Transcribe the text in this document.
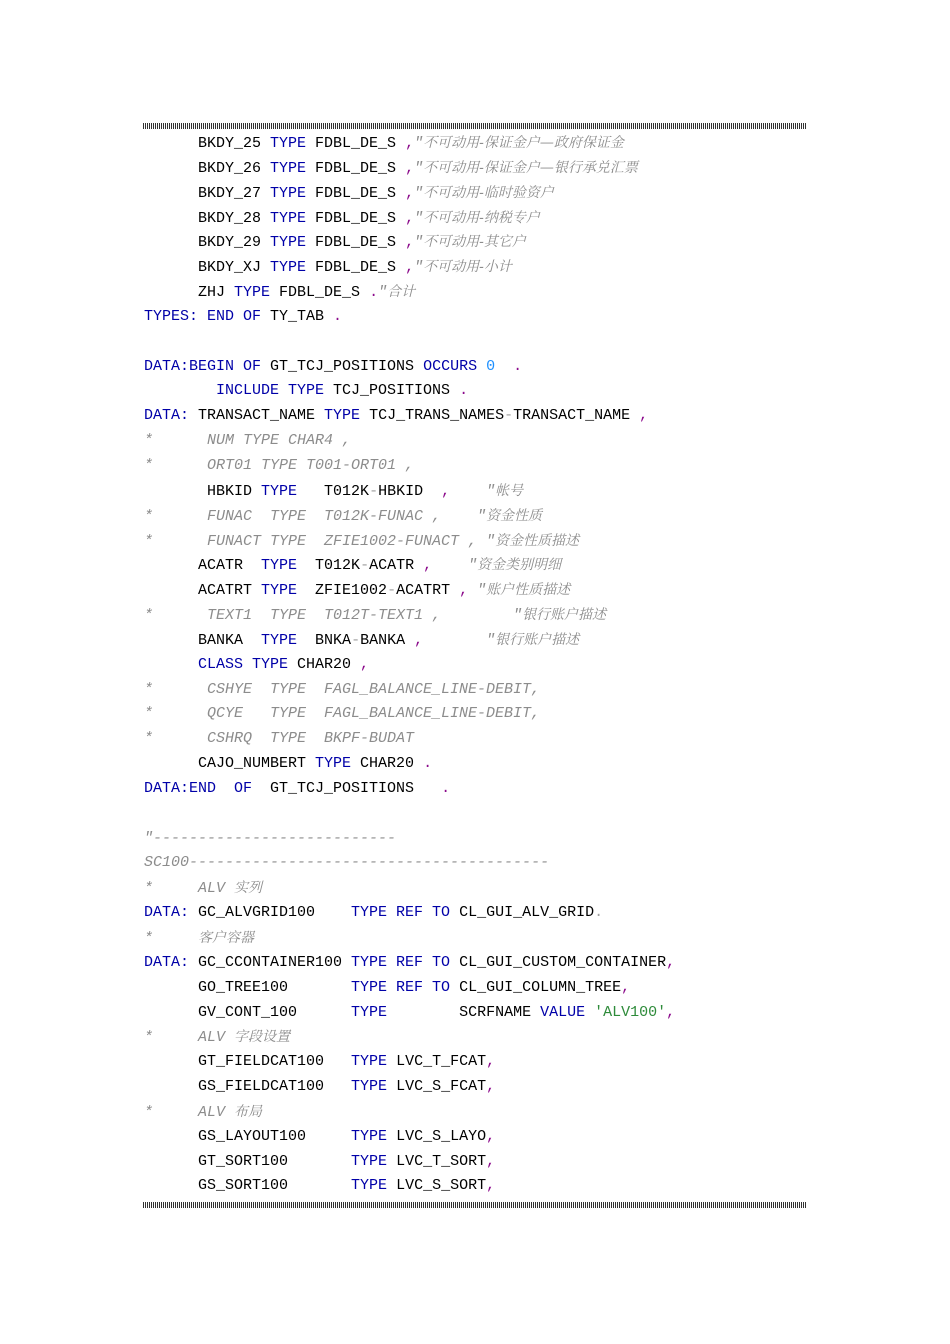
BKDY_25 TYPE FDBL_DE_S ,"不可动用-保证金户—政府保证金
BKDY_26 TYPE FDBL_DE_S ,"不可动用-保证金户—银行承兑汇票
BKDY_27 TYPE FDBL_DE_S ,"不可动用-临时验资户
BKDY_28 TYPE FDBL_DE_S ,"不可动用-纳税专户
BKDY_29 TYPE FDBL_DE_S ,"不可动用-其它户
BKDY_XJ TYPE FDBL_DE_S ,"不可动用-小计
ZHJ TYPE FDBL_DE_S ."合计
TYPES: END OF TY_TAB .
DATA:BEGIN OF GT_TCJ_POSITIONS OCCURS 0 .
INCLUDE TYPE TCJ_POSITIONS .
DATA: TRANSACT_NAME TYPE TCJ_TRANS_NAMES-TRANSACT_NAME ,
*      NUM TYPE CHAR4 ,
*      ORT01 TYPE T001-ORT01 ,
HBKID TYPE   T012K-HBKID  , "帐号
*      FUNAC  TYPE  T012K-FUNAC ,    "资金性质
*      FUNACT TYPE  ZFIE1002-FUNACT , "资金性质描述
ACATR  TYPE  T012K-ACATR , "资金类别明细
ACATRT TYPE  ZFIE1002-ACATRT , "账户性质描述
*      TEXT1  TYPE  T012T-TEXT1 ,        "银行账户描述
BANKA  TYPE  BNKA-BANKA ,	"银行账户描述
CLASS TYPE CHAR20 ,
*      CSHYE  TYPE  FAGL_BALANCE_LINE-DEBIT,
*      QCYE   TYPE  FAGL_BALANCE_LINE-DEBIT,
*      CSHRQ  TYPE  BKPF-BUDAT
CAJO_NUMBERT TYPE CHAR20 .
DATA:END  OF  GT_TCJ_POSITIONS   .
"---------------------------
SC100----------------------------------------
*     ALV 实列
DATA: GC_ALVGRID100    TYPE REF TO CL_GUI_ALV_GRID.
*     客户容器
DATA: GC_CCONTAINER100 TYPE REF TO CL_GUI_CUSTOM_CONTAINER,
GO_TREE100       TYPE REF TO CL_GUI_COLUMN_TREE,
GV_CONT_100      TYPE        SCRFNAME VALUE 'ALV100',
*     ALV 字段设置
GT_FIELDCAT100   TYPE LVC_T_FCAT,
GS_FIELDCAT100   TYPE LVC_S_FCAT,
*     ALV 布局
GS_LAYOUT100     TYPE LVC_S_LAYO,
GT_SORT100       TYPE LVC_T_SORT,
GS_SORT100       TYPE LVC_S_SORT,
